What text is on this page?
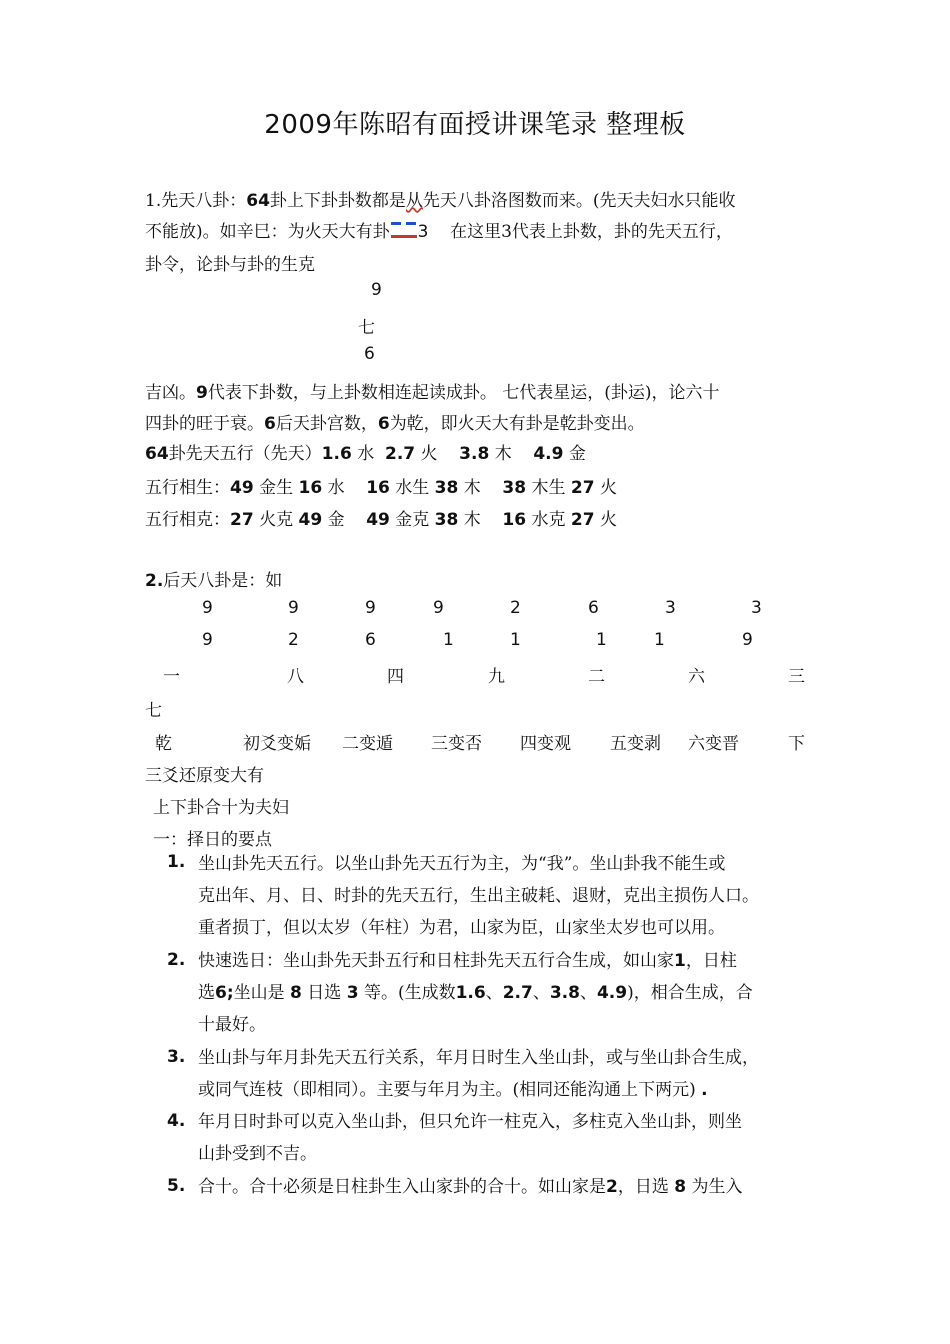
2009年陈昭有面授讲课笔录 整理板
1.先天八卦：64卦上下卦卦数都是从先天八卦洛图数而来。(先天夫妇水只能收
不能放)。如辛巳：为火天大有卦 3 在这里3代表上卦数，卦的先天五行，
卦令，论卦与卦的生克
9
七
6
吉凶。9代表下卦数，与上卦数相连起读成卦。 七代表星运，(卦运)，论六十
四卦的旺于衰。6后天卦宫数，6为乾，即火天大有卦是乾卦变出。
64卦先天五行（先天）1.6 水 2.7 火 3.8 木 4.9 金
五行相生：49 金生 16 水 16 水生 38 木 38 木生 27 火
五行相克：27 火克 49 金 49 金克 38 木 16 水克 27 火
2.后天八卦是：如
9	9	9	9	2	6	3	3
9	2	6	1	1	1	1	9
一	八	四	九	二	六	三
七
乾	初爻变姤 二变遁 三变否 四变观 五变剥 六变晋	下
三爻还原变大有
上下卦合十为夫妇
一：择日的要点
1. 坐山卦先天五行。以坐山卦先天五行为主，为“我”。坐山卦我不能生或
克出年、月、日、时卦的先天五行，生出主破耗、退财，克出主损伤人口。
重者损丁，但以太岁（年柱）为君，山家为臣，山家坐太岁也可以用。
2. 快速选日：坐山卦先天卦五行和日柱卦先天五行合生成，如山家1，日柱
选6;坐山是 8 日选 3 等。(生成数1.6、2.7、3.8、4.9)，相合生成，合
十最好。
3. 坐山卦与年月卦先天五行关系，年月日时生入坐山卦，或与坐山卦合生成，
或同气连枝（即相同）。主要与年月为主。(相同还能沟通上下两元) .
4. 年月日时卦可以克入坐山卦，但只允许一柱克入，多柱克入坐山卦，则坐
山卦受到不吉。
5. 合十。合十必须是日柱卦生入山家卦的合十。如山家是2，日选 8 为生入
